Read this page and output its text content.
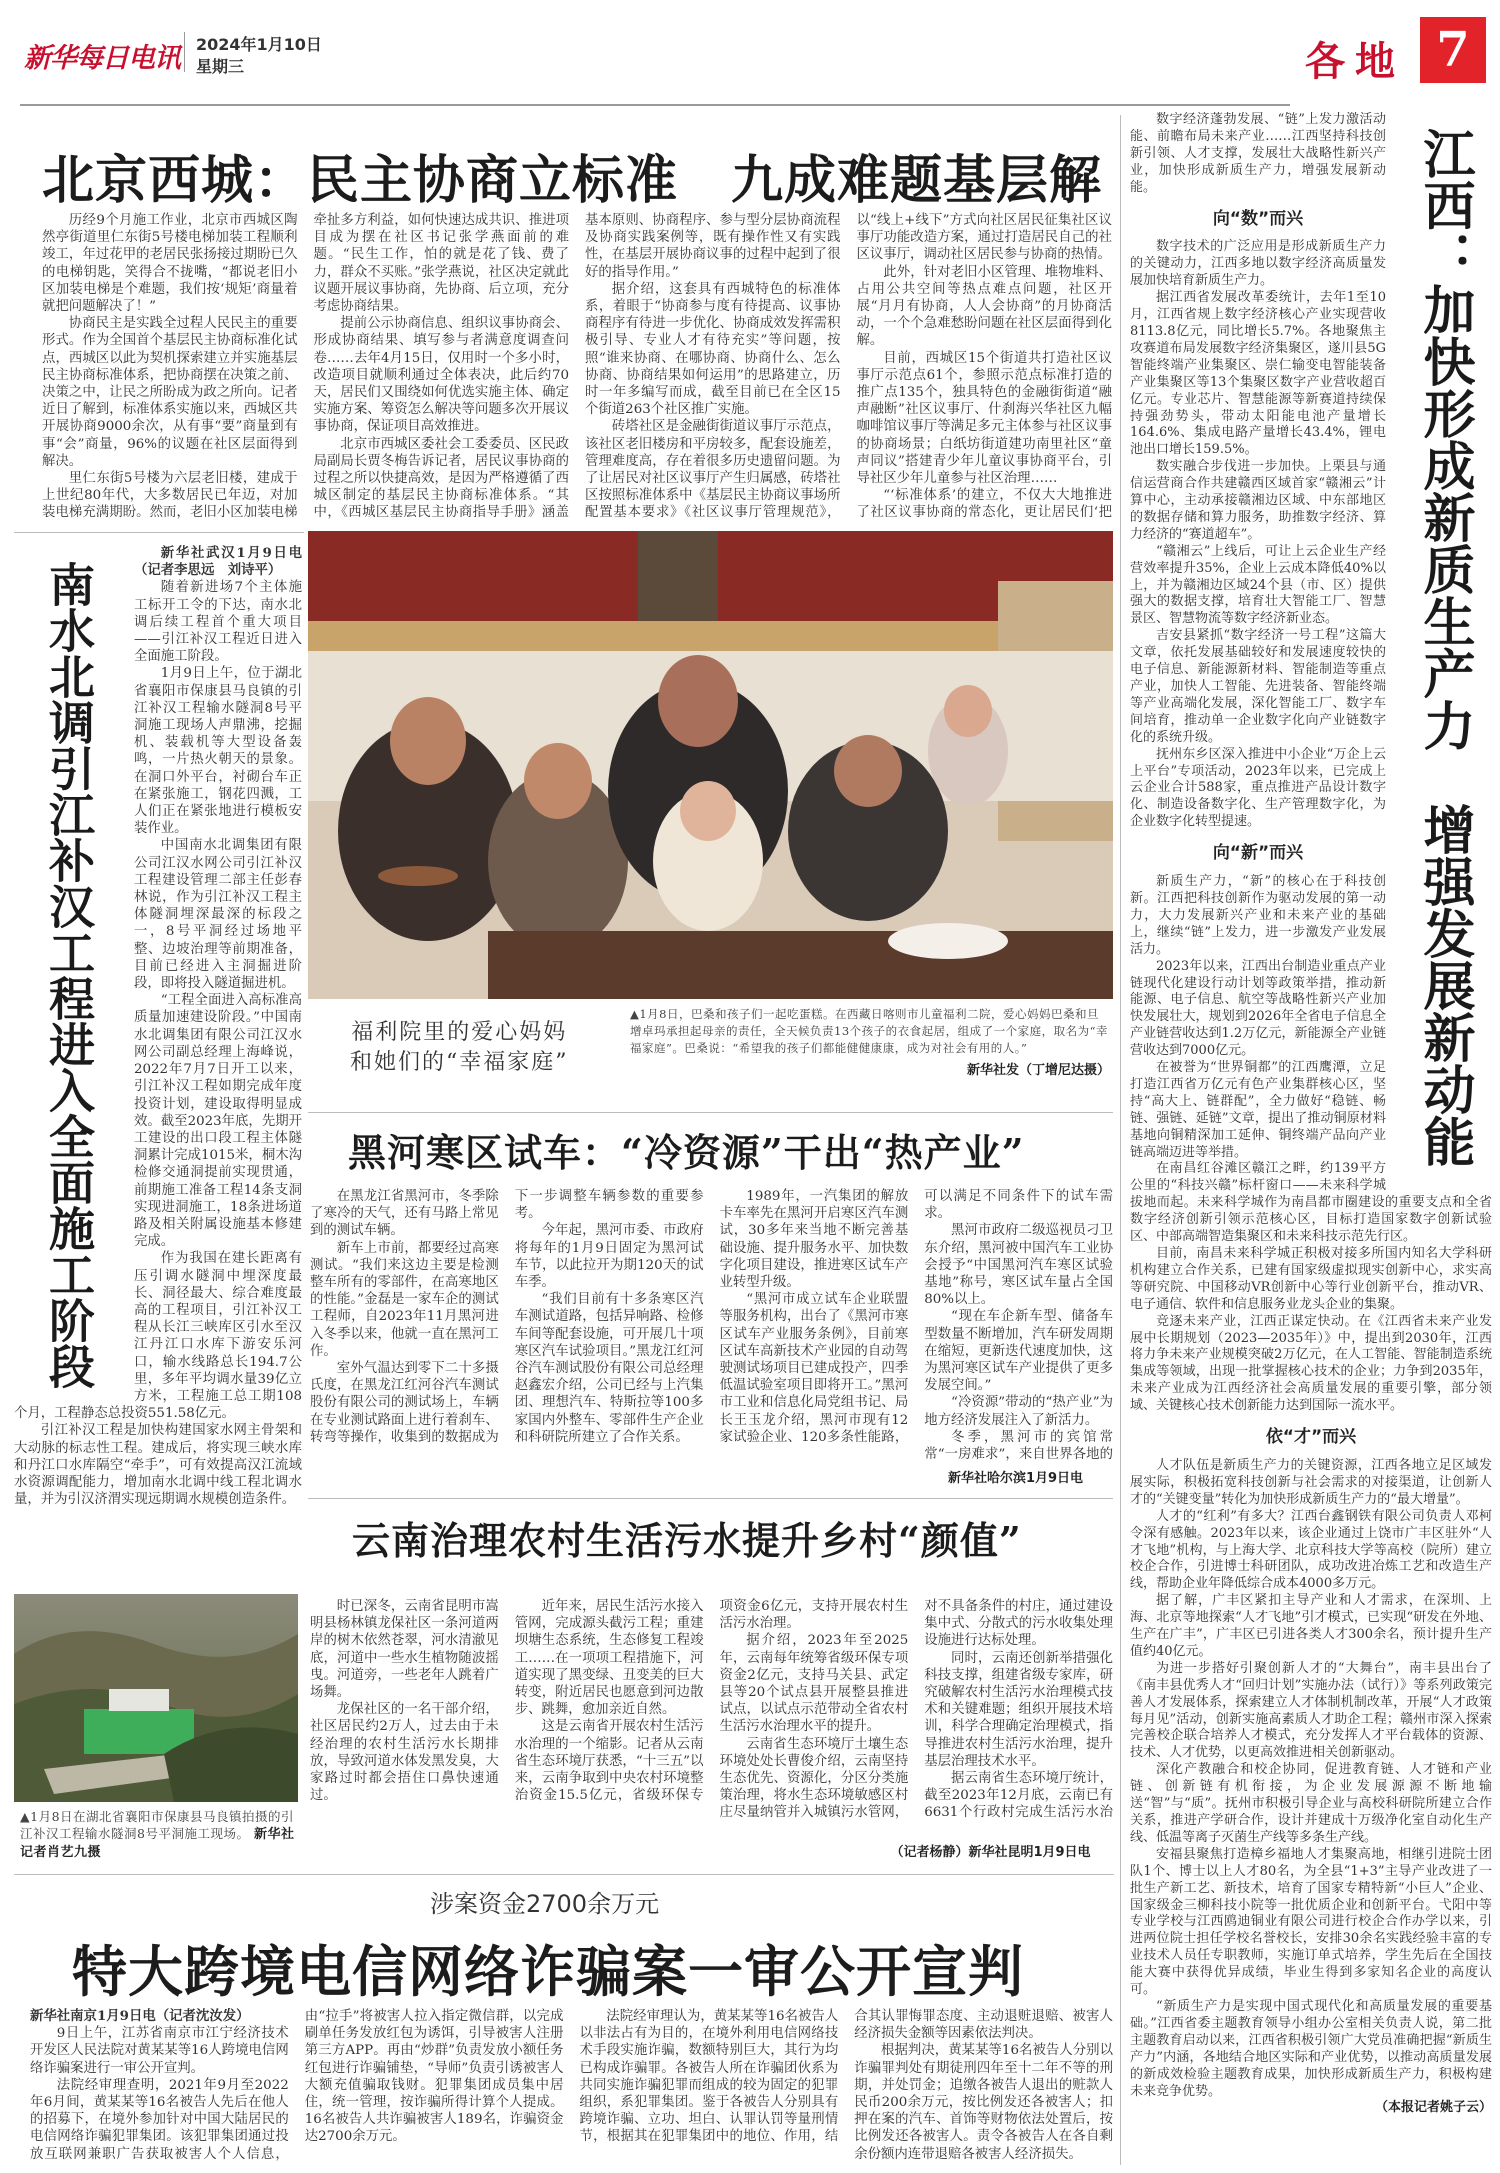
新华每日电讯 2024年1月10日
星期三	各地 7
北京西城：民主协商立标准　九成难题基层解

历经9个月施工作业，北京市西城区陶然亭街道里仁东街5号楼电梯加装工程顺利竣工，年过花甲的老居民张扬接过期盼已久的电梯钥匙，笑得合不拢嘴，“都说老旧小区加装电梯是个难题，我们按‘规矩’商量着就把问题解决了！”

协商民主是实践全过程人民民主的重要形式。作为全国首个基层民主协商标准化试点，西城区以此为契机探索建立并实施基层民主协商标准体系，把协商摆在决策之前、决策之中，让民之所盼成为政之所向。记者近日了解到，标准体系实施以来，西城区共开展协商9000余次，从有事“要”商量到有事“会”商量，96%的议题在社区层面得到解决。

里仁东街5号楼为六层老旧楼，建成于上世纪80年代，大多数居民已年迈，对加装电梯充满期盼。然而，老旧小区加装电梯牵扯多方利益，如何快速达成共识、推进项目成为摆在社区书记张学燕面前的难题。“民生工作，怕的就是花了钱、费了力，群众不买账。”张学燕说，社区决定就此议题开展议事协商，先协商、后立项，充分考虑协商结果。

提前公示协商信息、组织议事协商会、形成协商结果、填写参与者满意度调查问卷……去年4月15日，仅用时一个多小时，改造项目就顺利通过全体表决，此后约70天，居民们又围绕如何优选实施主体、确定实施方案、筹资怎么解决等问题多次开展议事协商，保证项目高效推进。

北京市西城区委社会工委委员、区民政局副局长贾冬梅告诉记者，居民议事协商的过程之所以快捷高效，是因为严格遵循了西城区制定的基层民主协商标准体系。“其中，《西城区基层民主协商指导手册》涵盖基本原则、协商程序、参与型分层协商流程及协商实践案例等，既有操作性又有实践性，在基层开展协商议事的过程中起到了很好的指导作用。”

据介绍，这套具有西城特色的标准体系，着眼于“协商参与度有待提高、议事协商程序有待进一步优化、协商成效发挥需积极引导、专业人才有待充实”等问题，按照“谁来协商、在哪协商、协商什么、怎么协商、协商结果如何运用”的思路建立，历时一年多编写而成，截至目前已在全区15个街道263个社区推广实施。

砖塔社区是金融街街道议事厅示范点，该社区老旧楼房和平房较多，配套设施差，管理难度高，存在着很多历史遗留问题。为了让居民对社区议事厅产生归属感，砖塔社区按照标准体系中《基层民主协商议事场所配置基本要求》《社区议事厅管理规范》，以“线上+线下”方式向社区居民征集社区议事厅功能改造方案，通过打造居民自己的社区议事厅，调动社区居民参与协商的热情。

此外，针对老旧小区管理、堆物堆料、占用公共空间等热点难点问题，社区开展“月月有协商，人人会协商”的月协商活动，一个个急难愁盼问题在社区层面得到化解。

目前，西城区15个街道共打造社区议事厅示范点61个，参照示范点标准打造的推广点135个，独具特色的金融街街道“融声融断”社区议事厅、什刹海兴华社区九幅咖啡馆议事厅等满足多元主体参与社区议事的协商场景；白纸坊街道建功南里社区“童声同议”搭建青少年儿童议事协商平台，引导社区少年儿童参与社区治理……

“‘标准体系’的建立，不仅大大地推进了社区议事协商的常态化，更让居民们‘把

南水北调引江补汉工程进入全面施工阶段

新华社武汉1月9日电（记者李思远　刘诗平）

随着新进场7个主体施工标开工令的下达，南水北调后续工程首个重大项目——引江补汉工程近日进入全面施工阶段。

1月9日上午，位于湖北省襄阳市保康县马良镇的引江补汉工程输水隧洞8号平洞施工现场人声鼎沸，挖掘机、装载机等大型设备轰鸣，一片热火朝天的景象。在洞口外平台，衬砌台车正在紧张施工，钢花四溅，工人们正在紧张地进行模板安装作业。

中国南水北调集团有限公司江汉水网公司引江补汉工程建设管理二部主任彭春林说，作为引江补汉工程主体隧洞埋深最深的标段之一，8号平洞经过场地平整、边坡治理等前期准备，目前已经进入主洞掘进阶段，即将投入隧道掘进机。

“工程全面进入高标准高质量加速建设阶段。”中国南水北调集团有限公司江汉水网公司副总经理上海峰说，2022年7月7日开工以来，引江补汉工程如期完成年度投资计划，建设取得明显成效。截至2023年底，先期开工建设的出口段工程主体隧洞累计完成1015米，桐木沟检修交通洞提前实现贯通，前期施工准备工程14条支洞实现进洞施工，18条进场道路及相关附属设施基本修建完成。

作为我国在建长距离有压引调水隧洞中埋深度最长、洞径最大、综合难度最高的工程项目，引江补汉工程从长江三峡库区引水至汉江丹江口水库下游安乐河口，输水线路总长194.7公里，多年平均调水量39亿立方米，工程施工总工期108个月，工程静态总投资551.58亿元。

引江补汉工程是加快构建国家水网主骨架和大动脉的标志性工程。建成后，将实现三峡水库和丹江口水库隔空“牵手”，可有效提高汉江流域水资源调配能力，增加南水北调中线工程北调水量，并为引汉济渭实现远期调水规模创造条件。

▲1月8日在湖北省襄阳市保康县马良镇拍摄的引江补汉工程输水隧洞8号平洞施工现场。 新华社记者肖艺九摄
福利院里的爱心妈妈
和她们的“幸福家庭”
▲1月8日，巴桑和孩子们一起吃蛋糕。在西藏日喀则市儿童福利二院，爱心妈妈巴桑和旦增卓玛承担起母亲的责任，全天候负责13个孩子的衣食起居，组成了一个家庭，取名为“幸福家庭”。巴桑说：“希望我的孩子们都能健健康康，成为对社会有用的人。”
新华社发（丁增尼达摄）
黑河寒区试车：“冷资源”干出“热产业”

在黑龙江省黑河市，冬季除了寒冷的天气，还有马路上常见到的测试车辆。

新车上市前，都要经过高寒测试。“我们来这边主要是检测整车所有的零部件，在高寒地区的性能。”金磊是一家车企的测试工程师，自2023年11月黑河进入冬季以来，他就一直在黑河工作。

室外气温达到零下二十多摄氏度，在黑龙江红河谷汽车测试股份有限公司的测试场上，车辆在专业测试路面上进行着刹车、转弯等操作，收集到的数据成为下一步调整车辆参数的重要参考。

今年起，黑河市委、市政府将每年的1月9日固定为黑河试车节，以此拉开为期120天的试车季。

“我们目前有十多条寒区汽车测试道路，包括异响路、检修车间等配套设施，可开展几十项寒区汽车试验项目。”黑龙江红河谷汽车测试股份有限公司总经理赵鑫宏介绍，公司已经与上汽集团、理想汽车、特斯拉等100多家国内外整车、零部件生产企业和科研院所建立了合作关系。

1989年，一汽集团的解放卡车率先在黑河开启寒区汽车测试，30多年来当地不断完善基础设施、提升服务水平、加快数字化项目建设，推进寒区试车产业转型升级。

“黑河市成立试车企业联盟等服务机构，出台了《黑河市寒区试车产业服务条例》，目前寒区试车高新技术产业园的自动驾驶测试场项目已建成投产，四季低温试验室项目即将开工。”黑河市工业和信息化局党组书记、局长王玉龙介绍，黑河市现有12家试验企业、120多条性能路，可以满足不同条件下的试车需求。

黑河市政府二级巡视员刁卫东介绍，黑河被中国汽车工业协会授予“中国黑河汽车寒区试验基地”称号，寒区试车量占全国80%以上。

“现在车企新车型、储备车型数量不断增加，汽车研发周期在缩短，更新迭代速度加快，这为黑河寒区试车产业提供了更多发展空间。”

“冷资源”带动的“热产业”为地方经济发展注入了新活力。

冬季，黑河市的宾馆常常“一房难求”，来自世界各地的

新华社哈尔滨1月9日电
云南治理农村生活污水提升乡村“颜值”

时已深冬，云南省昆明市嵩明县杨林镇龙保社区一条河道两岸的树木依然苍翠，河水清澈见底，河道中一些水生植物随波摇曳。河道旁，一些老年人跳着广场舞。

龙保社区的一名干部介绍，社区居民约2万人，过去由于未经治理的农村生活污水长期排放，导致河道水体发黑发臭，大家路过时都会捂住口鼻快速通过。

近年来，居民生活污水接入管网，完成源头截污工程；重建坝塘生态系统，生态修复工程竣工……在一项项工程措施下，河道实现了黑变绿、丑变美的巨大转变，附近居民也愿意到河边散步、跳舞，愈加亲近自然。

这是云南省开展农村生活污水治理的一个缩影。记者从云南省生态环境厅获悉，“十三五”以来，云南争取到中央农村环境整治资金15.5亿元，省级环保专项资金6亿元，支持开展农村生活污水治理。

据介绍，2023年至2025年，云南每年统筹省级环保专项资金2亿元，支持马关县、武定县等20个试点县开展整县推进试点，以试点示范带动全省农村生活污水治理水平的提升。

云南省生态环境厅土壤生态环境处处长曹俊介绍，云南坚持生态优先、资源化，分区分类施策治理，将水生态环境敏感区村庄尽量纳管并入城镇污水管网，对不具备条件的村庄，通过建设集中式、分散式的污水收集处理设施进行达标处理。

同时，云南还创新举措强化科技支撑，组建省级专家库，研究破解农村生活污水治理模式技术和关键难题；组织开展技术培训，科学合理确定治理模式，指导推进农村生活污水治理，提升基层治理技术水平。

据云南省生态环境厅统计，截至2023年12月底，云南已有6631个行政村完成生活污水治

（记者杨静）新华社昆明1月9日电
涉案资金2700余万元
特大跨境电信网络诈骗案一审公开宣判

新华社南京1月9日电（记者沈汝发）

9日上午，江苏省南京市江宁经济技术开发区人民法院对黄某某等16人跨境电信网络诈骗案进行一审公开宣判。

法院经审理查明，2021年9月至2022年6月间，黄某某等16名被告人先后在他人的招募下，在境外参加针对中国大陆居民的电信网络诈骗犯罪集团。该犯罪集团通过投放互联网兼职广告获取被害人个人信息，由“拉手”将被害人拉入指定微信群，以完成刷单任务发放红包为诱饵，引导被害人注册第三方APP。再由“炒群”负责发放小额任务红包进行诈骗铺垫，“导师”负责引诱被害人大额充值骗取钱财。犯罪集团成员集中居住，统一管理，按诈骗所得计算个人提成。16名被告人共诈骗被害人189名，诈骗资金达2700余万元。

法院经审理认为，黄某某等16名被告人以非法占有为目的，在境外利用电信网络技术手段实施诈骗，数额特别巨大，其行为均已构成诈骗罪。各被告人所在诈骗团伙系为共同实施诈骗犯罪而组成的较为固定的犯罪组织，系犯罪集团。鉴于各被告人分别具有跨境诈骗、立功、坦白、认罪认罚等量刑情节，根据其在犯罪集团中的地位、作用，结合其认罪悔罪态度、主动退赃退赔、被害人经济损失金额等因素依法判决。

根据判决，黄某某等16名被告人分别以诈骗罪判处有期徒刑四年至十二年不等的刑期，并处罚金；追缴各被告人退出的赃款人民币200余万元，按比例发还各被害人；扣押在案的汽车、首饰等财物依法处置后，按比例发还各被害人。责令各被告人在各自剩余份额内连带退赔各被害人经济损失。

江西：加快形成新质生产力　增强发展新动能

数字经济蓬勃发展、“链”上发力激活动能、前瞻布局未来产业……江西坚持科技创新引领、人才支撑，发展壮大战略性新兴产业，加快形成新质生产力，增强发展新动能。

向“数”而兴

数字技术的广泛应用是形成新质生产力的关键动力，江西多地以数字经济高质量发展加快培育新质生产力。

据江西省发展改革委统计，去年1至10月，江西省规上数字经济核心产业实现营收8113.8亿元，同比增长5.7%。各地聚焦主攻赛道布局发展数字经济集聚区，遂川县5G智能终端产业集聚区、崇仁输变电智能装备产业集聚区等13个集聚区数字产业营收超百亿元。专业芯片、智慧能源等新赛道持续保持强劲势头，带动太阳能电池产量增长164.6%、集成电路产量增长43.4%，锂电池出口增长159.5%。

数实融合步伐进一步加快。上栗县与通信运营商合作共建赣西区域首家“赣湘云”计算中心，主动承接赣湘边区域、中东部地区的数据存储和算力服务，助推数字经济、算力经济的“赛道超车”。

“赣湘云”上线后，可让上云企业生产经营效率提升35%，企业上云成本降低40%以上，并为赣湘边区域24个县（市、区）提供强大的数据支撑，培育壮大智能工厂、智慧景区、智慧物流等数字经济新业态。

吉安县紧抓“数字经济一号工程”这篇大文章，依托发展基础较好和发展速度较快的电子信息、新能源新材料、智能制造等重点产业，加快人工智能、先进装备、智能终端等产业高端化发展，深化智能工厂、数字车间培育，推动单一企业数字化向产业链数字化的系统升级。

抚州东乡区深入推进中小企业“万企上云上平台”专项活动，2023年以来，已完成上云企业合计588家，重点推进产品设计数字化、制造设备数字化、生产管理数字化，为企业数字化转型提速。

向“新”而兴

新质生产力，“新”的核心在于科技创新。江西把科技创新作为驱动发展的第一动力，大力发展新兴产业和未来产业的基础上，继续“链”上发力，进一步激发产业发展活力。

2023年以来，江西出台制造业重点产业链现代化建设行动计划等政策举措，推动新能源、电子信息、航空等战略性新兴产业加快发展壮大，规划到2026年全省电子信息全产业链营收达到1.2万亿元，新能源全产业链营收达到7000亿元。

在被誉为“世界铜都”的江西鹰潭，立足打造江西省万亿元有色产业集群核心区，坚持“高大上、链群配”，全力做好“稳链、畅链、强链、延链”文章，提出了推动铜原材料基地向铜精深加工延伸、铜终端产品向产业链高端迈进等举措。

在南昌红谷滩区赣江之畔，约139平方公里的“科技兴赣”标杆窗口——未来科学城拔地而起。未来科学城作为南昌都市圈建设的重要支点和全省数字经济创新引领示范核心区，目标打造国家数字创新试验区、中部高端智造集聚区和未来科技示范先行区。

目前，南昌未来科学城正积极对接多所国内知名大学科研机构建立合作关系，已建有国家级虚拟现实创新中心，求实高等研究院、中国移动VR创新中心等行业创新平台，推动VR、电子通信、软件和信息服务业龙头企业的集聚。

竞逐未来产业，江西正谋定快动。在《江西省未来产业发展中长期规划（2023—2035年）》中，提出到2030年，江西将力争未来产业规模突破2万亿元，在人工智能、智能制造系统集成等领域，出现一批掌握核心技术的企业；力争到2035年，未来产业成为江西经济社会高质量发展的重要引擎，部分领域、关键核心技术创新能力达到国际一流水平。

依“才”而兴

人才队伍是新质生产力的关键资源，江西各地立足区域发展实际，积极拓宽科技创新与社会需求的对接渠道，让创新人才的“关键变量”转化为加快形成新质生产力的“最大增量”。

人才的“红利”有多大？江西台鑫钢铁有限公司负责人邓柯令深有感触。2023年以来，该企业通过上饶市广丰区驻外“人才飞地”机构，与上海大学、北京科技大学等高校（院所）建立校企合作，引进博士科研团队，成功改进冶炼工艺和改造生产线，帮助企业年降低综合成本4000多万元。

据了解，广丰区紧扣主导产业和人才需求，在深圳、上海、北京等地探索“人才飞地”引才模式，已实现“研发在外地、生产在广丰”，广丰区已引进各类人才300余名，预计提升生产值约40亿元。

为进一步搭好引聚创新人才的“大舞台”，南丰县出台了《南丰县优秀人才“回归计划”实施办法（试行）》等系列政策完善人才发展体系，探索建立人才体制机制改革，开展“人才政策每月见”活动，创新实施高素质人才助企工程；赣州市深入探索完善校企联合培养人才模式，充分发挥人才平台载体的资源、技术、人才优势，以更高效推进相关创新驱动。

深化产教融合和校企协同，促进教育链、人才链和产业链、创新链有机衔接，为企业发展源源不断地输送“智”与“质”。抚州市积极引导企业与高校科研院所建立合作关系，推进产学研合作，设计并建成十万级净化室自动化生产线、低温等离子灭菌生产线等多条生产线。

安福县聚焦打造樟乡福地人才集聚高地，相继引进院士团队1个、博士以上人才80名，为全县“1+3”主导产业改进了一批生产新工艺、新技术，培育了国家专精特新“小巨人”企业、国家级金三柳科技小院等一批优质企业和创新平台。弋阳中等专业学校与江西鸥迪铜业有限公司进行校企合作办学以来，引进两位院士担任学校名誉校长，安排30余名实践经验丰富的专业技术人员任专职教师，实施订单式培养，学生先后在全国技能大赛中获得优异成绩，毕业生得到多家知名企业的高度认可。

“新质生产力是实现中国式现代化和高质量发展的重要基础。”江西省委主题教育领导小组办公室相关负责人说，第二批主题教育启动以来，江西省积极引领广大党员准确把握“新质生产力”内涵，各地结合地区实际和产业优势，以推动高质量发展的新成效检验主题教育成果，加快形成新质生产力，积极构建未来竞争优势。

（本报记者姚子云）
